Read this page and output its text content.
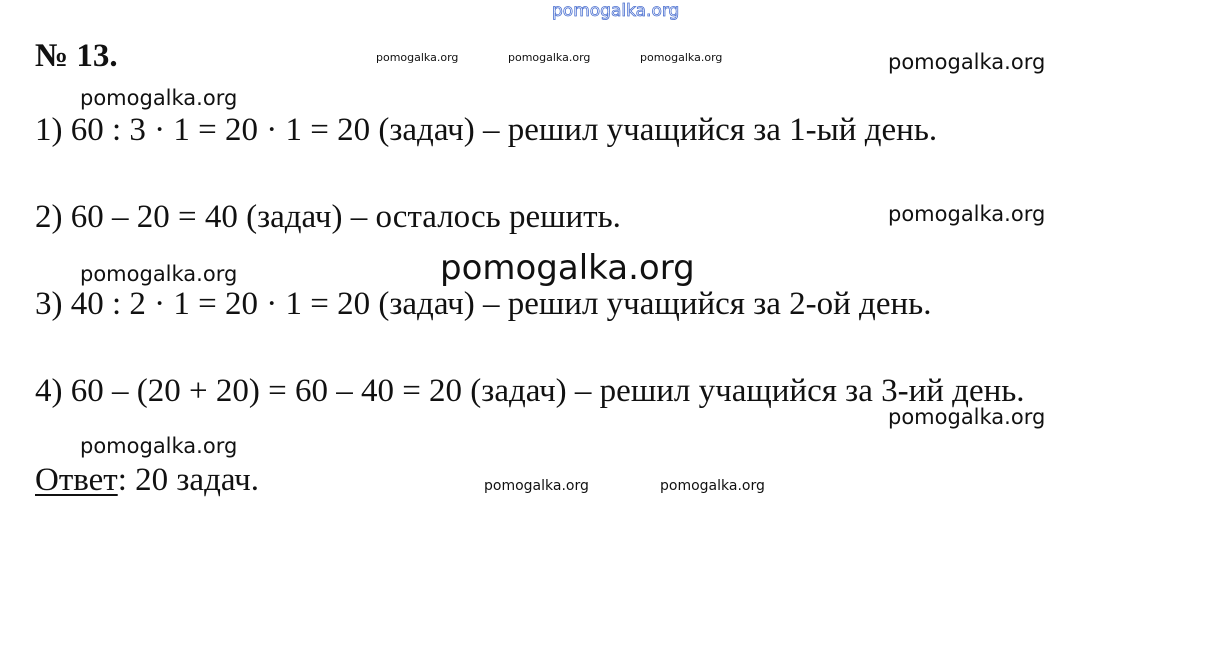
pomogalka.org
№ 13.	pomogalka.org	pomogalka.org	pomogalka.org	pomogalka.org
pomogalka.org
1) 60 : 3 · 1 = 20 · 1 = 20 (задач) – решил учащийся за 1-ый день.
2) 60 – 20 = 40 (задач) – осталось решить.	pomogalka.org
pomogalka.org	pomogalka.org
3) 40 : 2 · 1 = 20 · 1 = 20 (задач) – решил учащийся за 2-ой день.
4) 60 – (20 + 20) = 60 – 40 = 20 (задач) – решил учащийся за 3-ий день.
pomogalka.org
pomogalka.org
Ответ: 20 задач.	pomogalka.org	pomogalka.org
